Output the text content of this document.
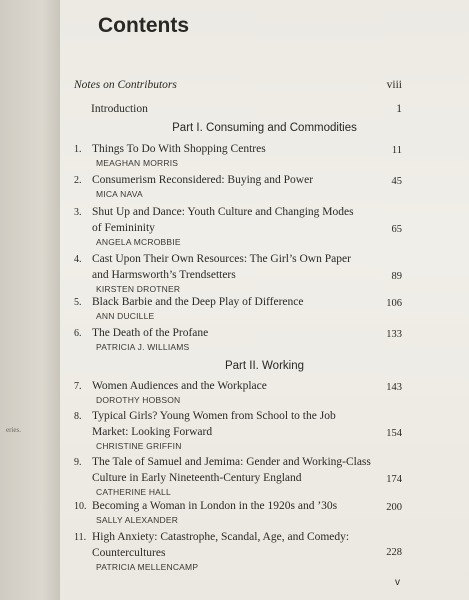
eries.
Contents
Notes on Contributors	viii
Introduction	1
Part I. Consuming and Commodities
1. Things To Do With Shopping Centres	11
MEAGHAN MORRIS
2. Consumerism Reconsidered: Buying and Power	45
MICA NAVA
3. Shut Up and Dance: Youth Culture and Changing Modes
of Femininity	65
ANGELA MCROBBIE
4. Cast Upon Their Own Resources: The Girl’s Own Paper
and Harmsworth’s Trendsetters	89
KIRSTEN DROTNER
5. Black Barbie and the Deep Play of Difference	106
ANN DUCILLE
6. The Death of the Profane	133
PATRICIA J. WILLIAMS
Part II. Working
7. Women Audiences and the Workplace	143
DOROTHY HOBSON
8. Typical Girls? Young Women from School to the Job
Market: Looking Forward	154
CHRISTINE GRIFFIN
9. The Tale of Samuel and Jemima: Gender and Working-Class
Culture in Early Nineteenth-Century England	174
CATHERINE HALL
10. Becoming a Woman in London in the 1920s and ’30s	200
SALLY ALEXANDER
11. High Anxiety: Catastrophe, Scandal, Age, and Comedy:
Countercultures	228
PATRICIA MELLENCAMP
v
